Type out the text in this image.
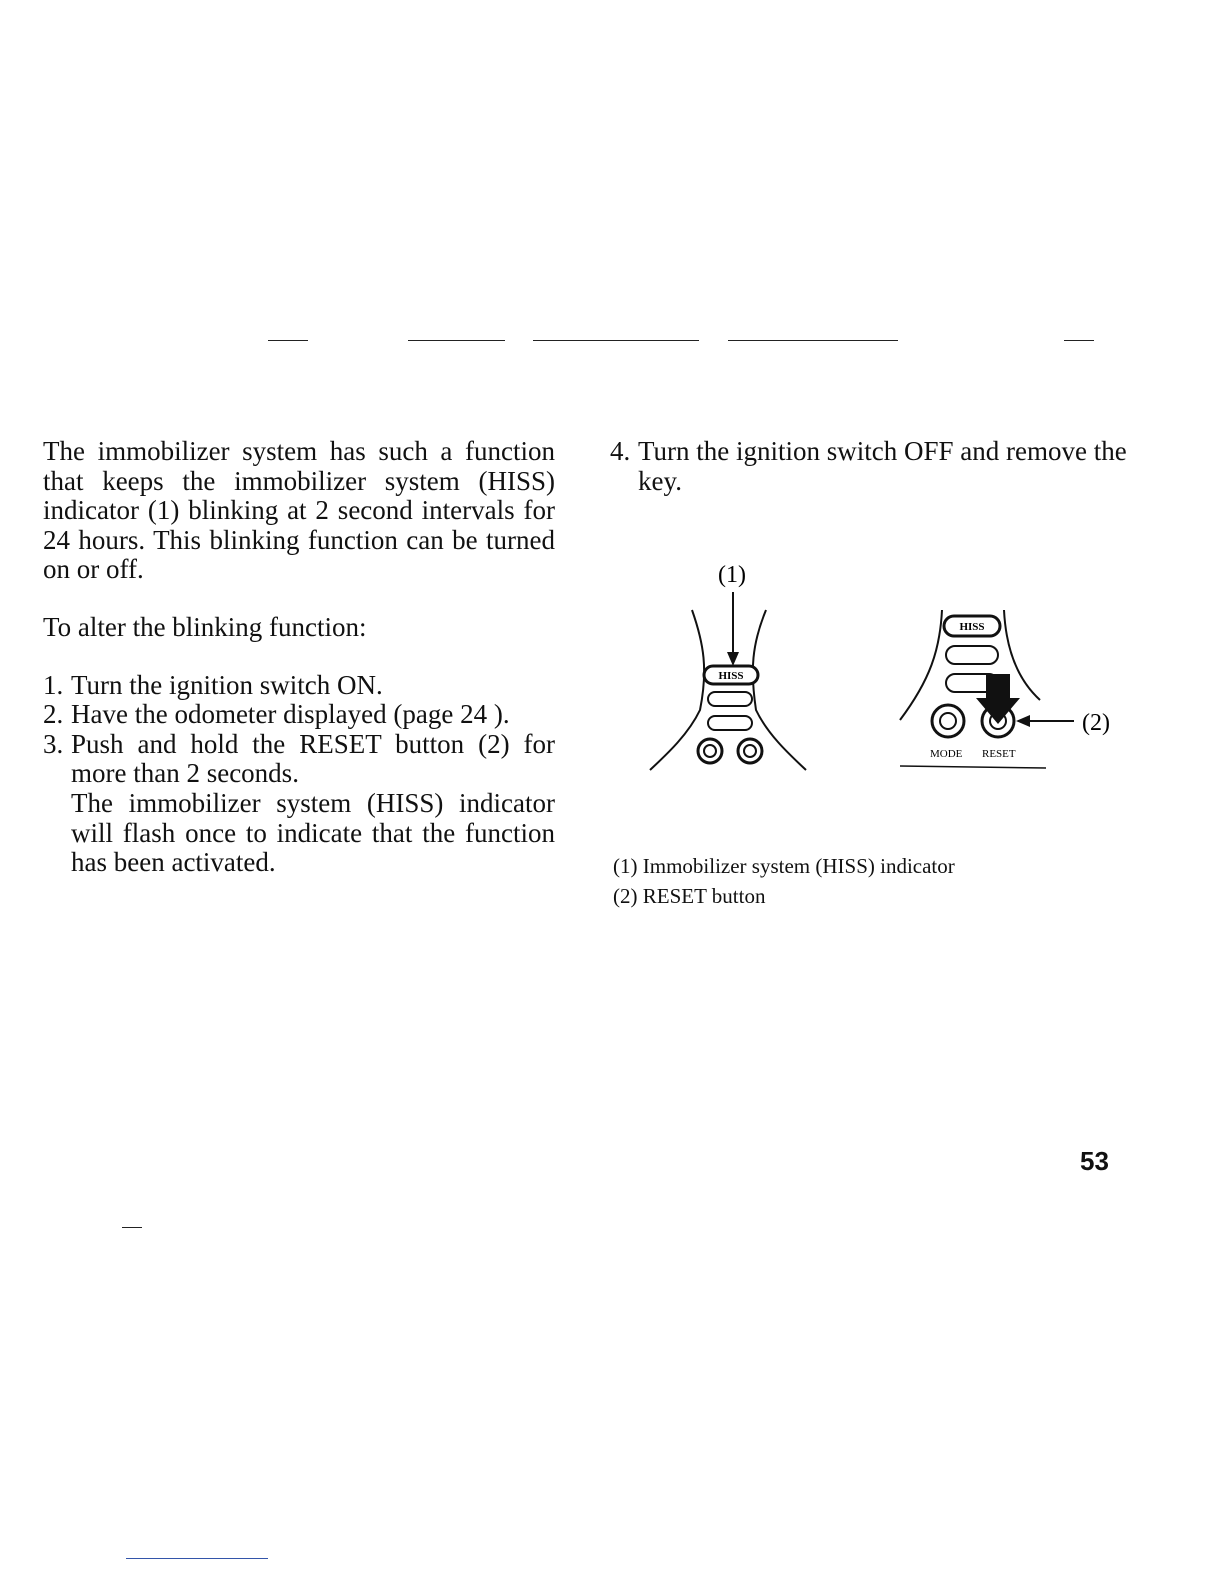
The immobilizer system has such a function that keeps the immobilizer system (HISS) indicator (1) blinking at 2 second intervals for 24 hours. This blinking function can be turned on or off.

To alter the blinking function:

1. Turn the ignition switch ON.
2. Have the odometer displayed (page 24 ).
3. Push and hold the RESET button (2) for more than 2 seconds.

The immobilizer system (HISS) indicator will flash once to indicate that the function has been activated.

4. Turn the ignition switch OFF and remove the key.
(1)
HISS
HISS
(2)
MODE RESET
(1) Immobilizer system (HISS) indicator
(2) RESET button
53
